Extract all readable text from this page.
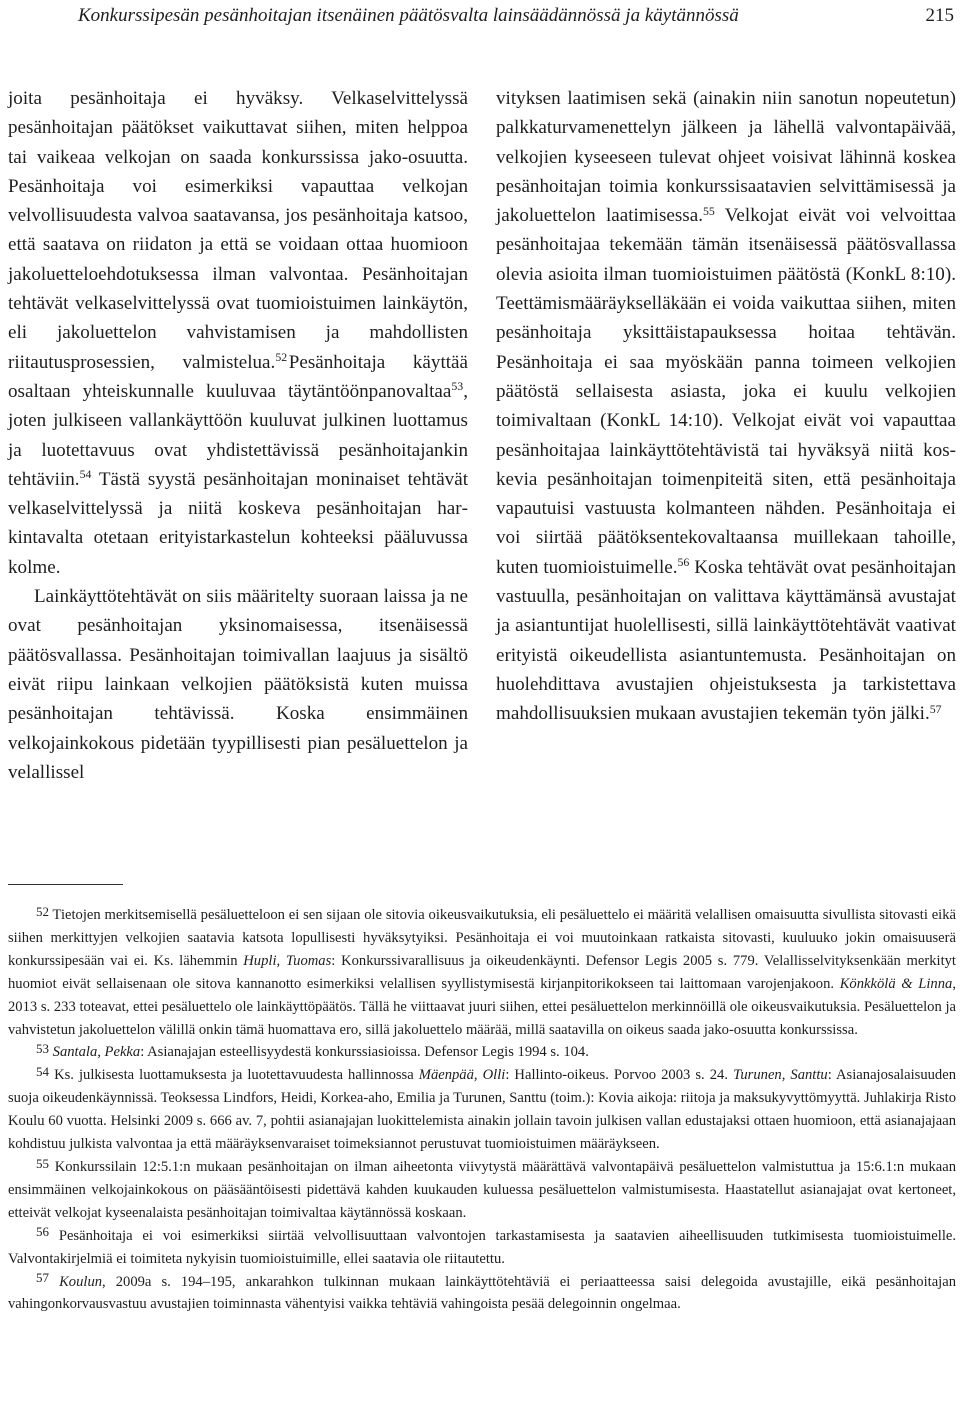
Konkurssipesän pesänhoitajan itsenäinen päätösvalta lainsäädännössä ja käytännössä	215

joita pesänhoitaja ei hyväksy. Velkaselvittelyssä pesänhoitajan päätökset vaikuttavat siihen, miten helppoa tai vaikeaa velkojan on saada konkurssissa jako-osuutta. Pesänhoitaja voi esimerkiksi vapauttaa velkojan velvollisuudesta valvoa saatavansa, jos pesänhoitaja katsoo, että saatava on riidaton ja että se voidaan ottaa huomioon jakoluetteloehdotuksessa ilman valvontaa. Pesänhoitajan tehtävät velkaselvittelyssä ovat tuomioistuimen lainkäytön, eli jakoluettelon vahvistamisen ja mahdollisten riitautusprosessien, valmistelua.$^{52}$ Pesänhoitaja käyttää osaltaan yhteiskunnalle kuuluvaa täytäntöönpanovaltaa$^{53}$, joten julkiseen vallankäyttöön kuuluvat julkinen luottamus ja luotettavuus ovat yhdistettävissä pesänhoitajankin tehtäviin.$^{54}$ Tästä syystä pesänhoitajan moninaiset tehtävät velkaselvittelyssä ja niitä koskeva pesänhoitajan harkintavalta otetaan erityistarkastelun kohteeksi pääluvussa kolme.

Lainkäyttötehtävät on siis määritelty suoraan laissa ja ne ovat pesänhoitajan yksinomaisessa, itsenäisessä päätösvallassa. Pesänhoitajan toimivallan laajuus ja sisältö eivät riipu lainkaan velkojien päätöksistä kuten muissa pesänhoitajan tehtävissä. Koska ensimmäinen velkojainkokous pidetään tyypillisesti pian pesäluettelon ja velallissel

vityksen laatimisen sekä (ainakin niin sanotun nopeutetun) palkkaturvamenettelyn jälkeen ja lähellä valvontapäivää, velkojien kyseeseen tulevat ohjeet voisivat lähinnä koskea pesänhoitajan toimia konkurssisaatavien selvittämisessä ja jakoluettelon laatimisessa.$^{55}$ Velkojat eivät voi velvoittaa pesänhoitajaa tekemään tämän itsenäisessä päätösvallassa olevia asioita ilman tuomioistuimen päätöstä (KonkL 8:10). Teettämismääräykselläkään ei voida vaikuttaa siihen, miten pesänhoitaja yksittäistapauksessa hoitaa tehtävän. Pesänhoitaja ei saa myöskään panna toimeen velkojien päätöstä sellaisesta asiasta, joka ei kuulu velkojien toimivaltaan (KonkL 14:10). Velkojat eivät voi vapauttaa pesänhoitajaa lainkäyttötehtävistä tai hyväksyä niitä koskevia pesänhoitajan toimenpiteitä siten, että pesänhoitaja vapautuisi vastuusta kolmanteen nähden. Pesänhoitaja ei voi siirtää päätöksentekovaltaansa muillekaan tahoille, kuten tuomioistuimelle.$^{56}$ Koska tehtävät ovat pesänhoitajan vastuulla, pesänhoitajan on valittava käyttämänsä avustajat ja asiantuntijat huolellisesti, sillä lainkäyttötehtävät vaativat erityistä oikeudellista asiantuntemusta. Pesänhoitajan on huolehdittava avustajien ohjeistuksesta ja tarkistettava mahdollisuuksien mukaan avustajien tekemän työn jälki.$^{57}$

52 Tietojen merkitsemisellä pesäluetteloon ei sen sijaan ole sitovia oikeusvaikutuksia, eli pesäluettelo ei määritä velallisen omaisuutta sivullista sitovasti eikä siihen merkittyjen velkojien saatavia katsota lopullisesti hyväksytyiksi. Pesänhoitaja ei voi muutoinkaan ratkaista sitovasti, kuuluuko jokin omaisuuserä konkurssipesään vai ei. Ks. lähemmin Hupli, Tuomas: Konkurssivarallisuus ja oikeudenkäynti. Defensor Legis 2005 s. 779. Velallisselvityksenkään merkityt huomiot eivät sellaisenaan ole sitova kannanotto esimerkiksi velallisen syyllistymisestä kirjanpitorikokseen tai laittomaan varojenjakoon. Könkkölä & Linna, 2013 s. 233 toteavat, ettei pesäluettelo ole lainkäyttöpäätös. Tällä he viittaavat juuri siihen, ettei pesäluettelon merkinnöillä ole oikeusvaikutuksia. Pesäluettelon ja vahvistetun jakoluettelon välillä onkin tämä huomattava ero, sillä jakoluettelo määrää, millä saatavilla on oikeus saada jako-osuutta konkurssissa.

53 Santala, Pekka: Asianajajan esteellisyydestä konkurssiasioissa. Defensor Legis 1994 s. 104.

54 Ks. julkisesta luottamuksesta ja luotettavuudesta hallinnossa Mäenpää, Olli: Hallinto-oikeus. Porvoo 2003 s. 24. Turunen, Santtu: Asianajosalaisuuden suoja oikeudenkäynnissä. Teoksessa Lindfors, Heidi, Korkea-aho, Emilia ja Turunen, Santtu (toim.): Kovia aikoja: riitoja ja maksukyvyttömyyttä. Juhlakirja Risto Koulu 60 vuotta. Helsinki 2009 s. 666 av. 7, pohtii asianajajan luokittelemista ainakin jollain tavoin julkisen vallan edustajaksi ottaen huomioon, että asianajajaan kohdistuu julkista valvontaa ja että määräyksenvaraiset toimeksiannot perustuvat tuomioistuimen määräykseen.

55 Konkurssilain 12:5.1:n mukaan pesänhoitajan on ilman aiheetonta viivytystä määrättävä valvontapäivä pesäluettelon valmistuttua ja 15:6.1:n mukaan ensimmäinen velkojainkokous on pääsääntöisesti pidettävä kahden kuukauden kuluessa pesäluettelon valmistumisesta. Haastatellut asianajajat ovat kertoneet, etteivät velkojat kyseenalaista pesänhoitajan toimivaltaa käytännössä koskaan.

56 Pesänhoitaja ei voi esimerkiksi siirtää velvollisuuttaan valvontojen tarkastamisesta ja saatavien aiheellisuuden tutkimisesta tuomioistuimelle. Valvontakirjelmiä ei toimiteta nykyisin tuomioistuimille, ellei saatavia ole riitautettu.

57 Koulun, 2009a s. 194–195, ankarahkon tulkinnan mukaan lainkäyttötehtäviä ei periaatteessa saisi delegoida avustajille, eikä pesänhoitajan vahingonkorvausvastuu avustajien toiminnasta vähentyisi vaikka tehtäviä vahingoista pesää delegoinnin ongelmaa.
